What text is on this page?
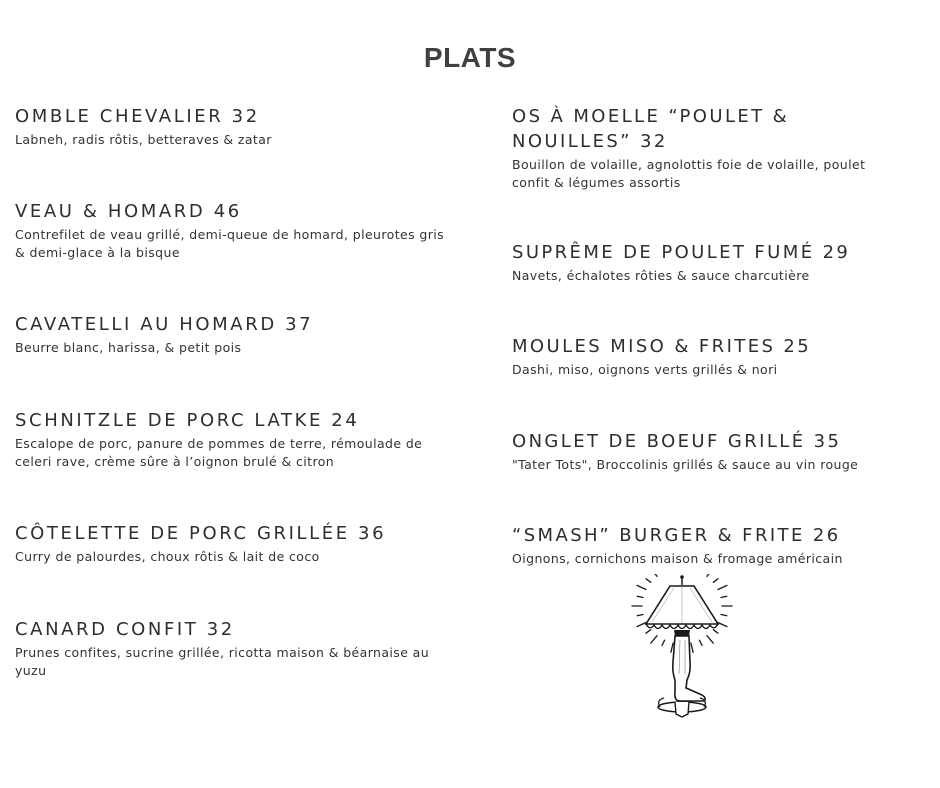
PLATS
OMBLE CHEVALIER 32

Labneh, radis rôtis, betteraves & zatar

VEAU & HOMARD 46

Contrefilet de veau grillé, demi-queue de homard, pleurotes gris & demi-glace à la bisque

CAVATELLI AU HOMARD 37

Beurre blanc, harissa, & petit pois

SCHNITZLE DE PORC LATKE 24

Escalope de porc, panure de pommes de terre, rémoulade de celeri rave, crème sûre à l’oignon brulé & citron

CÔTELETTE DE PORC GRILLÉE 36

Curry de palourdes, choux rôtis & lait de coco

CANARD CONFIT 32

Prunes confites, sucrine grillée, ricotta maison & béarnaise au yuzu

OS À MOELLE “POULET & NOUILLES” 32

Bouillon de volaille, agnolottis foie de volaille, poulet confit & légumes assortis

SUPRÊME DE POULET FUMÉ 29

Navets, échalotes rôties & sauce charcutière

MOULES MISO & FRITES 25

Dashi, miso, oignons verts grillés & nori

ONGLET DE BOEUF GRILLÉ 35

"Tater Tots", Broccolinis grillés & sauce au vin rouge

“SMASH” BURGER & FRITE 26

Oignons, cornichons maison & fromage américain
